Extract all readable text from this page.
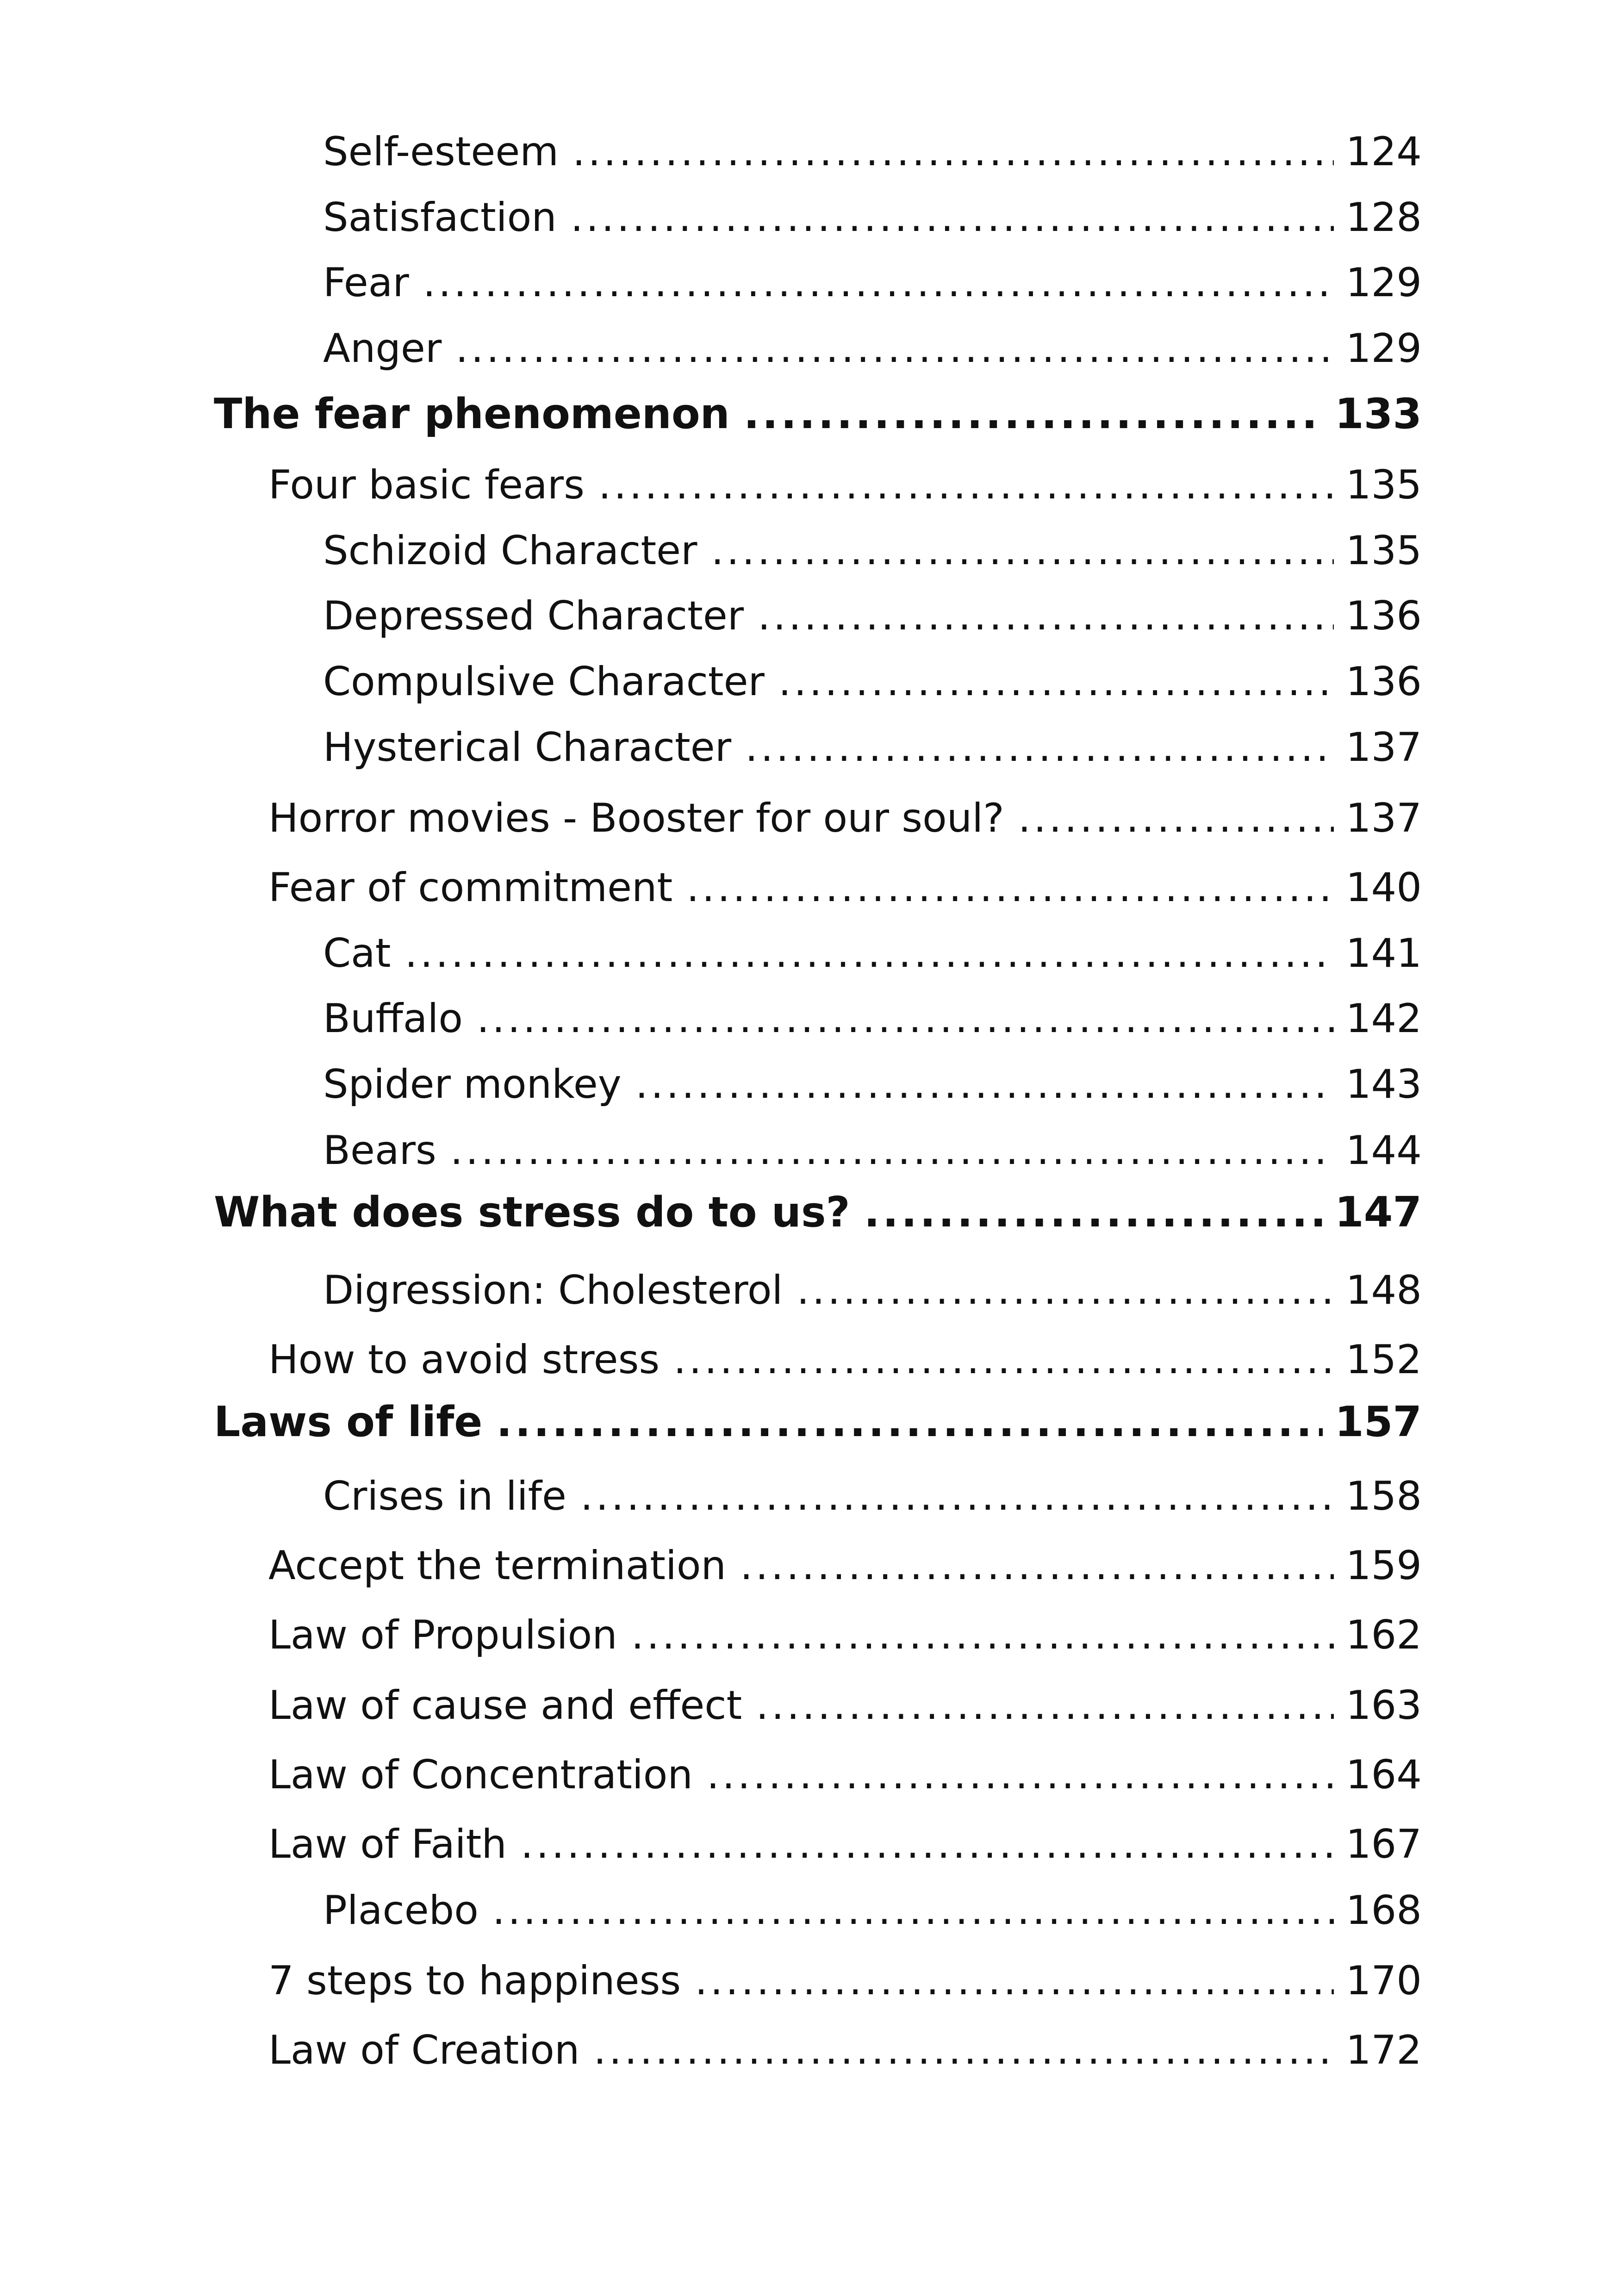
Self-esteem .....	124
Satisfaction .....	128
Fear .....	129
Anger .....	129
The fear phenomenon .....	133
Four basic fears .....	135
Schizoid Character .....	135
Depressed Character .....	136
Compulsive Character .....	136
Hysterical Character .....	137
Horror movies - Booster for our soul? .....	137
Fear of commitment .....	140
Cat .....	141
Buffalo .....	142
Spider monkey .....	143
Bears .....	144
What does stress do to us? .....	147
Digression: Cholesterol .....	148
How to avoid stress .....	152
Laws of life .....	157
Crises in life .....	158
Accept the termination .....	159
Law of Propulsion .....	162
Law of cause and effect .....	163
Law of Concentration .....	164
Law of Faith .....	167
Placebo .....	168
7 steps to happiness .....	170
Law of Creation .....	172
